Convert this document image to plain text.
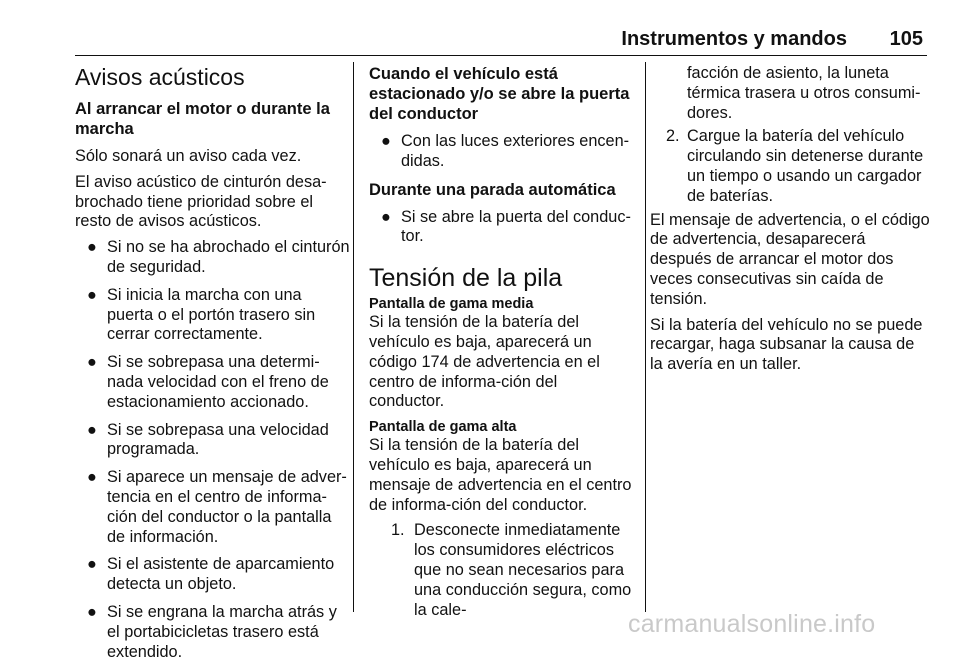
Instrumentos y mandos 105
Avisos acústicos
Al arrancar el motor o durante la marcha

Sólo sonará un aviso cada vez.

El aviso acústico de cinturón desa-brochado tiene prioridad sobre el resto de avisos acústicos.

● Si no se ha abrochado el cinturón de seguridad.
● Si inicia la marcha con una puerta o el portón trasero sin cerrar correctamente.
● Si se sobrepasa una determi-nada velocidad con el freno de estacionamiento accionado.
● Si se sobrepasa una velocidad programada.
● Si aparece un mensaje de adver-tencia en el centro de informa-ción del conductor o la pantalla de información.
● Si el asistente de aparcamiento detecta un objeto.
● Si se engrana la marcha atrás y el portabicicletas trasero está extendido.
Cuando el vehículo está estacionado y/o se abre la puerta del conductor
● Con las luces exteriores encen-didas.
Durante una parada automática
● Si se abre la puerta del conduc-tor.
Tensión de la pila
Pantalla de gama media

Si la tensión de la batería del vehículo es baja, aparecerá un código 174 de advertencia en el centro de informa-ción del conductor.

Pantalla de gama alta

Si la tensión de la batería del vehículo es baja, aparecerá un mensaje de advertencia en el centro de informa-ción del conductor.

1. Desconecte inmediatamente los consumidores eléctricos que no sean necesarios para una conducción segura, como la cale-
facción de asiento, la luneta térmica trasera u otros consumi-dores.
2. Cargue la batería del vehículo circulando sin detenerse durante un tiempo o usando un cargador de baterías.

El mensaje de advertencia, o el código de advertencia, desaparecerá después de arrancar el motor dos veces consecutivas sin caída de tensión.

Si la batería del vehículo no se puede recargar, haga subsanar la causa de la avería en un taller.

carmanualsonline.info
